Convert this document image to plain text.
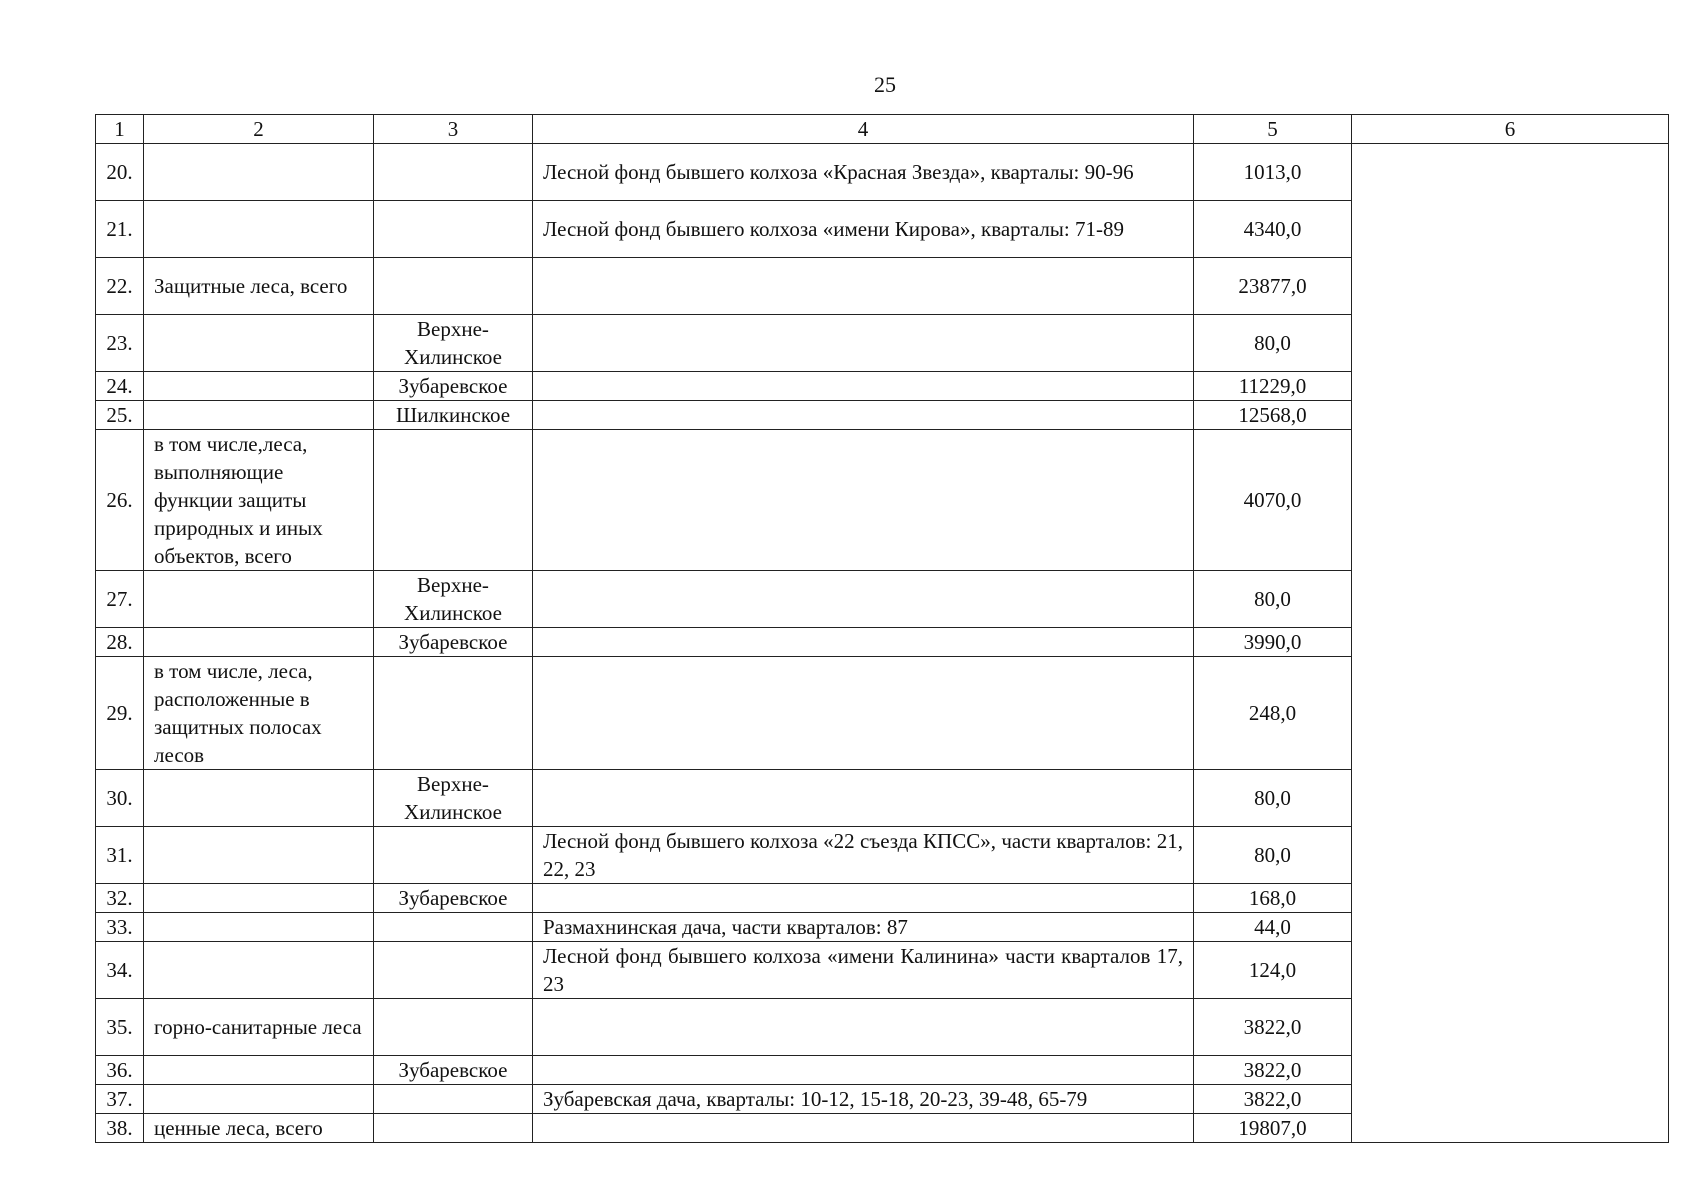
25
1	2	3	4	5	6
20.			Лесной фонд бывшего колхоза «Красная Звезда», кварталы: 90-96	1013,0	
21.			Лесной фонд бывшего колхоза «имени Кирова», кварталы: 71-89	4340,0	
22.	Защитные леса, всего			23877,0	
23.		Верхне-Хилинское		80,0	
24.		Зубаревское		11229,0	
25.		Шилкинское		12568,0	
26.	в том числе,леса, выполняющие функции защиты природных и иных объектов, всего			4070,0	
27.		Верхне-Хилинское		80,0	
28.		Зубаревское		3990,0	
29.	в том числе, леса, расположенные в защитных полосах лесов			248,0	
30.		Верхне-Хилинское		80,0	
31.			Лесной фонд бывшего колхоза «22 съезда КПСС», части кварталов: 21, 22, 23	80,0	
32.		Зубаревское		168,0	
33.			Размахнинская дача, части кварталов: 87	44,0	
34.			Лесной фонд бывшего колхоза «имени Калинина» части кварталов 17, 23	124,0	
35.	горно-санитарные леса			3822,0	
36.		Зубаревское		3822,0	
37.			Зубаревская дача, кварталы: 10-12, 15-18, 20-23, 39-48, 65-79	3822,0	
38.	ценные леса, всего			19807,0	
